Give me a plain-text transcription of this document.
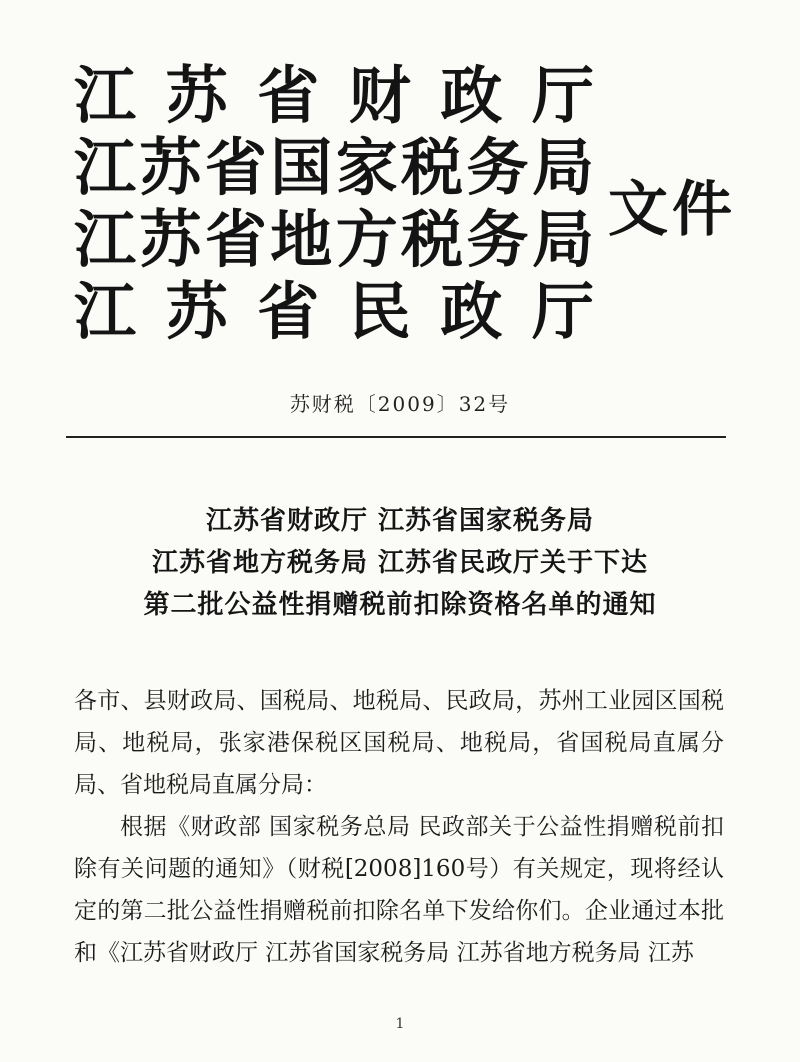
江 苏 省 财 政 厅
江 苏 省 国 家 税 务 局
江 苏 省 地 方 税 务 局
江 苏 省 民 政 厅
文件
苏财税〔2009〕32号
江苏省财政厅 江苏省国家税务局
江苏省地方税务局 江苏省民政厅关于下达
第二批公益性捐赠税前扣除资格名单的通知

各市、县财政局、国税局、地税局、民政局，苏州工业园区国税局、地税局，张家港保税区国税局、地税局，省国税局直属分局、省地税局直属分局：

根据《财政部 国家税务总局 民政部关于公益性捐赠税前扣除有关问题的通知》（财税[2008]160号）有关规定，现将经认定的第二批公益性捐赠税前扣除名单下发给你们。企业通过本批和《江苏省财政厅 江苏省国家税务局 江苏省地方税务局 江苏

1
